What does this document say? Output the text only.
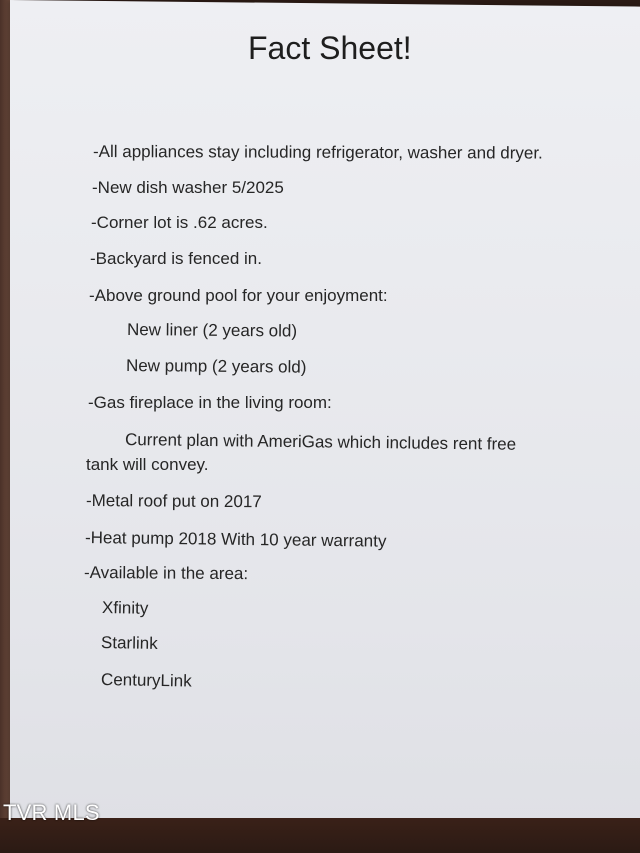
Fact Sheet!
-All appliances stay including refrigerator, washer and dryer.
-New dish washer 5/2025
-Corner lot is .62 acres.
-Backyard is fenced in.
-Above ground pool for your enjoyment:
New liner (2 years old)
New pump (2 years old)
-Gas fireplace in the living room:
Current plan with AmeriGas which includes rent free
tank will convey.
-Metal roof put on 2017
-Heat pump 2018 With 10 year warranty
-Available in the area:
Xfinity
Starlink
CenturyLink
TVR MLS
